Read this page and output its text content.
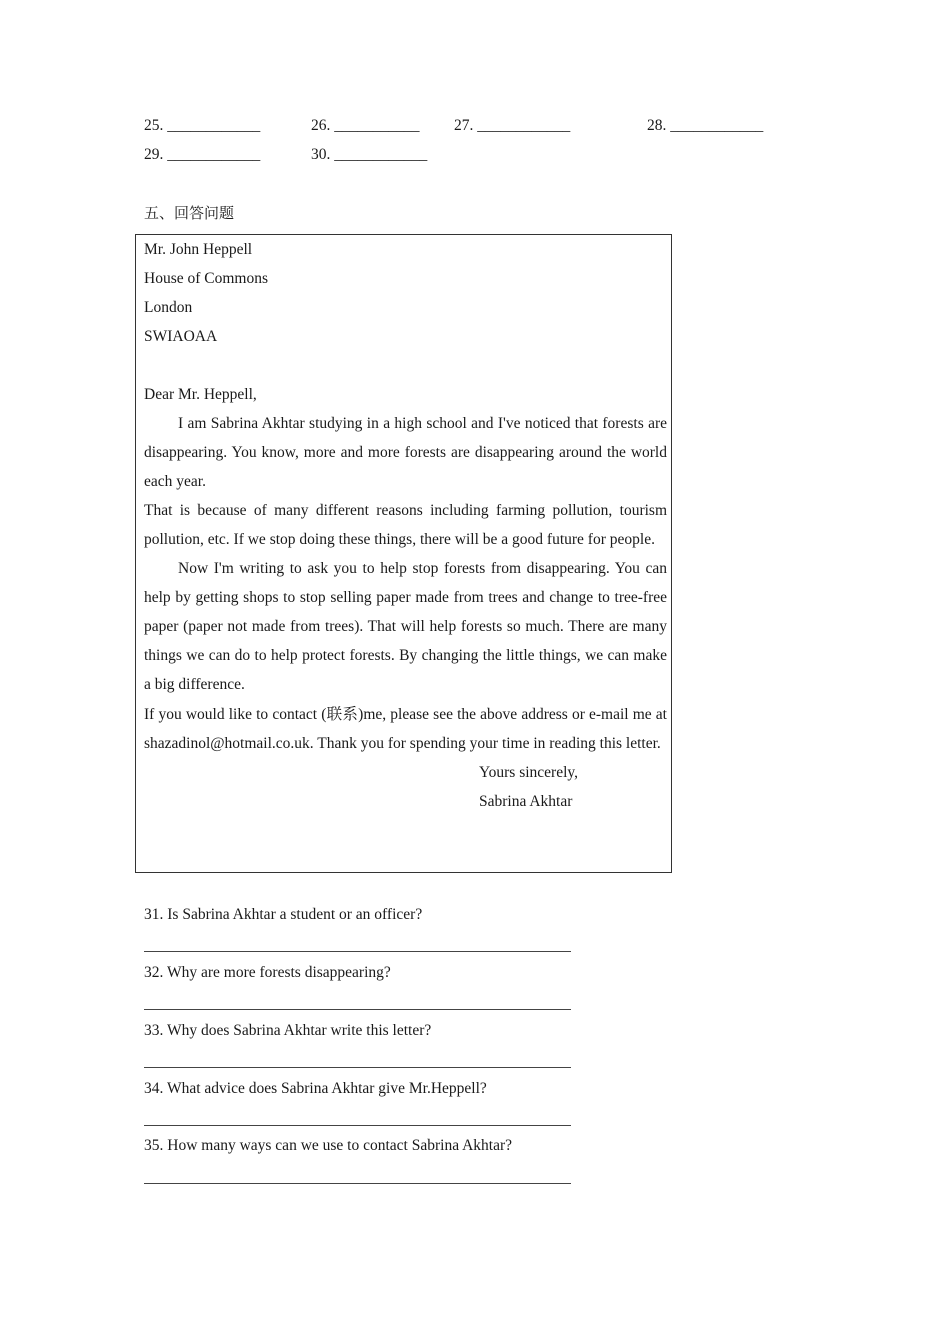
25. ____________	26. ___________ 27. ____________	28. ____________
29. ____________	30. ____________
五、回答问题
Mr. John Heppell
House of Commons
London
SWIAOAA
Dear Mr. Heppell,
I am Sabrina Akhtar studying in a high school and I've noticed that forests are disappearing. You know, more and more forests are disappearing around the world each year.
That is because of many different reasons including farming pollution, tourism pollution, etc. If we stop doing these things, there will be a good future for people.
Now I'm writing to ask you to help stop forests from disappearing. You can help by getting shops to stop selling paper made from trees and change to tree-free paper (paper not made from trees). That will help forests so much. There are many things we can do to help protect forests. By changing the little things, we can make a big difference.
If you would like to contact (联系)me, please see the above address or e-mail me at shazadinol@hotmail.co.uk. Thank you for spending your time in reading this letter.
Yours sincerely,
Sabrina Akhtar
31. Is Sabrina Akhtar a student or an officer?
32. Why are more forests disappearing?
33. Why does Sabrina Akhtar write this letter?
34. What advice does Sabrina Akhtar give Mr.Heppell?
35. How many ways can we use to contact Sabrina Akhtar?
